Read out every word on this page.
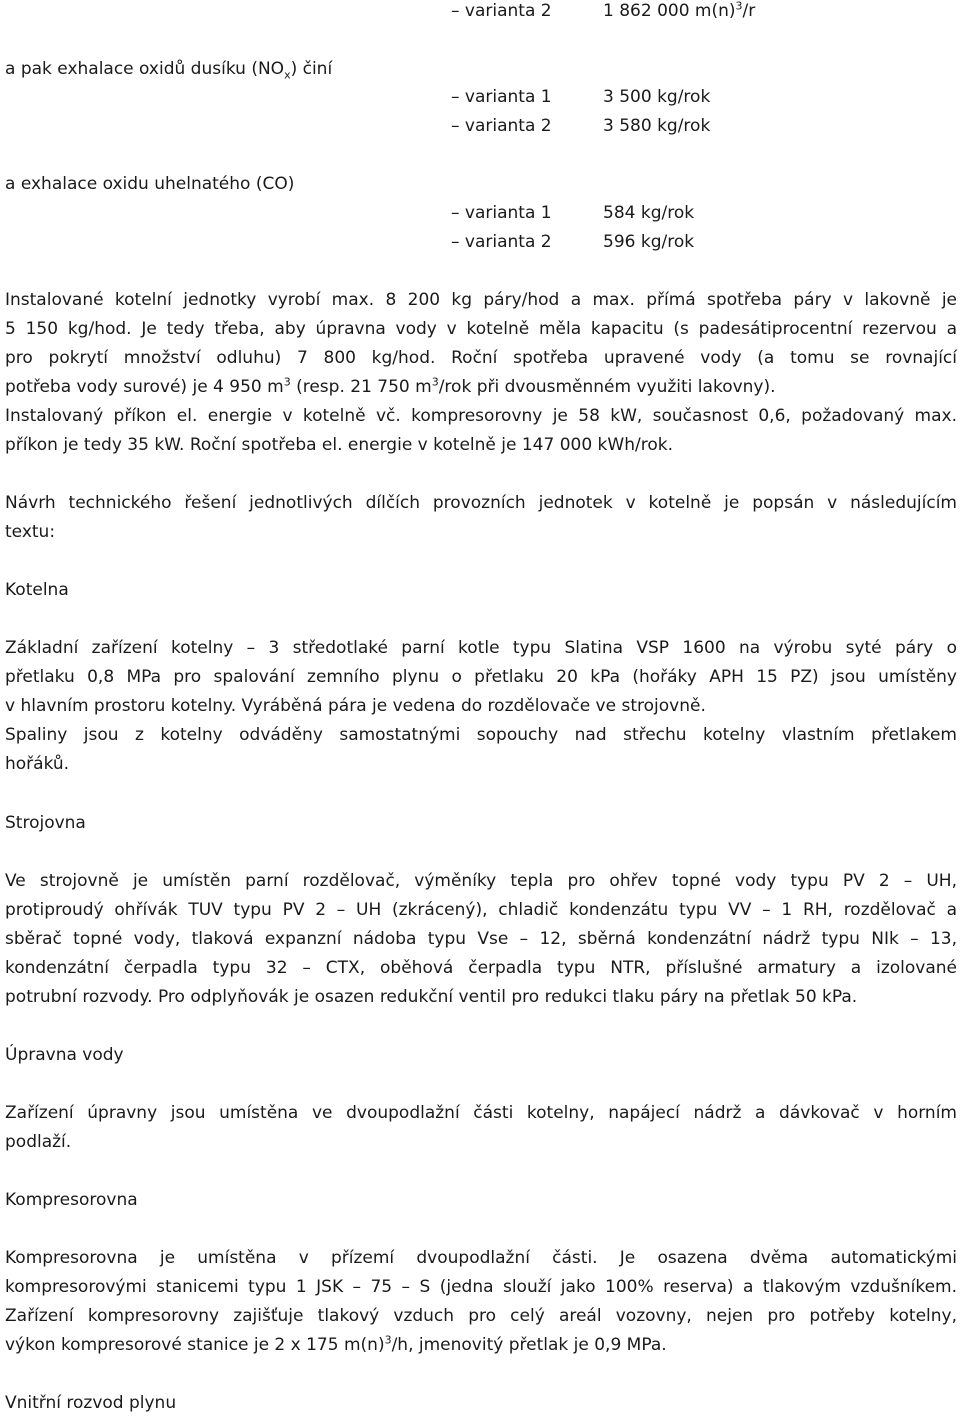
– varianta 2	1 862 000 $m(n)^3/r$
a pak exhalace oxidů dusíku $(NO_x)$ činí
– varianta 1	3 500 kg/rok
– varianta 2	3 580 kg/rok
a exhalace oxidu uhelnatého (CO)
– varianta 1	584 kg/rok
– varianta 2	596 kg/rok
Instalované kotelní jednotky vyrobí max. 8 200 kg páry/hod a max. přímá spotřeba páry v lakovně je
5 150 kg/hod. Je tedy třeba, aby úpravna vody v kotelně měla kapacitu (s padesátiprocentní rezervou a
pro pokrytí množství odluhu) 7 800 kg/hod. Roční spotřeba upravené vody (a tomu se rovnající
potřeba vody surové) je 4 950 $m^3$ (resp. 21 750 $m^3$/rok při dvousměnném využiti lakovny).
Instalovaný příkon el. energie v kotelně vč. kompresorovny je 58 kW, současnost 0,6, požadovaný max.
příkon je tedy 35 kW. Roční spotřeba el. energie v kotelně je 147 000 kWh/rok.
Návrh technického řešení jednotlivých dílčích provozních jednotek v kotelně je popsán v následujícím
textu:
Kotelna
Základní zařízení kotelny – 3 středotlaké parní kotle typu Slatina VSP 1600 na výrobu syté páry o
přetlaku 0,8 MPa pro spalování zemního plynu o přetlaku 20 kPa (hořáky APH 15 PZ) jsou umístěny
v hlavním prostoru kotelny. Vyráběná pára je vedena do rozdělovače ve strojovně.
Spaliny jsou z kotelny odváděny samostatnými sopouchy nad střechu kotelny vlastním přetlakem
hořáků.
Strojovna
Ve strojovně je umístěn parní rozdělovač, výměníky tepla pro ohřev topné vody typu PV 2 – UH,
protiproudý ohřívák TUV typu PV 2 – UH (zkrácený), chladič kondenzátu typu VV – 1 RH, rozdělovač a
sběrač topné vody, tlaková expanzní nádoba typu Vse – 12, sběrná kondenzátní nádrž typu NIk – 13,
kondenzátní čerpadla typu 32 – CTX, oběhová čerpadla typu NTR, příslušné armatury a izolované
potrubní rozvody. Pro odplyňovák je osazen redukční ventil pro redukci tlaku páry na přetlak 50 kPa.
Úpravna vody
Zařízení úpravny jsou umístěna ve dvoupodlažní části kotelny, napájecí nádrž a dávkovač v horním
podlaží.
Kompresorovna
Kompresorovna je umístěna v přízemí dvoupodlažní části. Je osazena dvěma automatickými
kompresorovými stanicemi typu 1 JSK – 75 – S (jedna slouží jako 100% reserva) a tlakovým vzdušníkem.
Zařízení kompresorovny zajišťuje tlakový vzduch pro celý areál vozovny, nejen pro potřeby kotelny,
výkon kompresorové stanice je 2 x 175 $m(n)^3/h$, jmenovitý přetlak je 0,9 MPa.
Vnitřní rozvod plynu
